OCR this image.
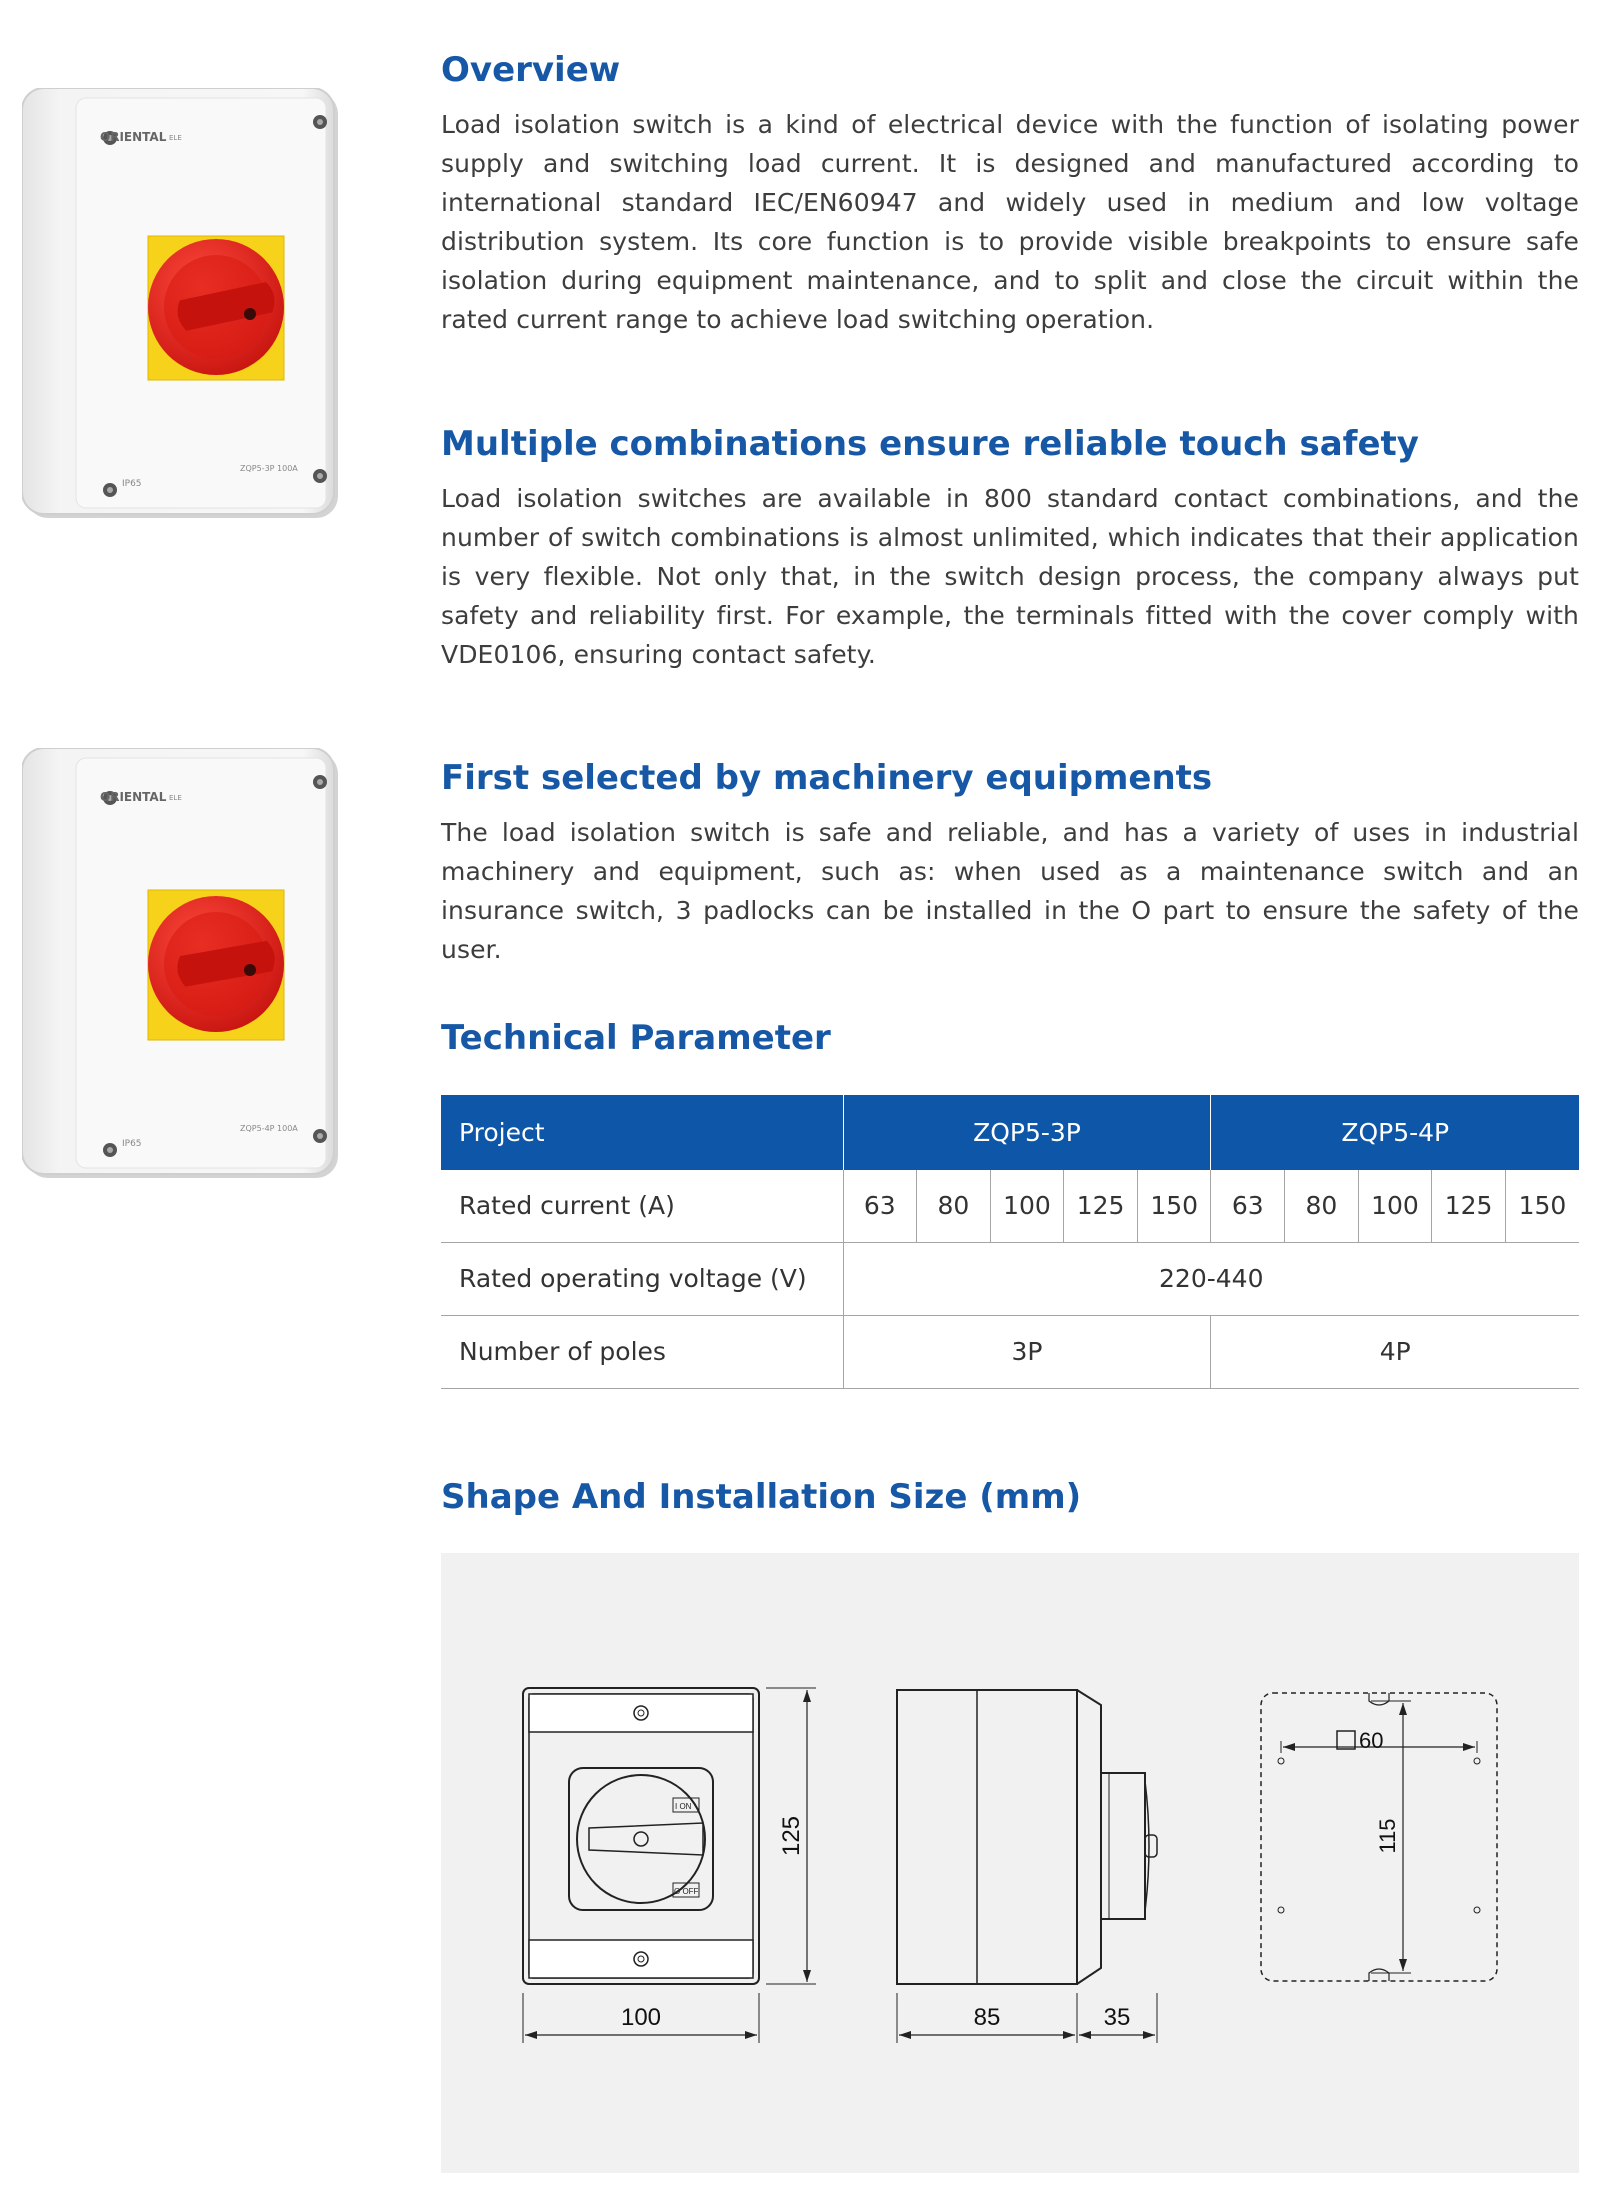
ORIENTAL ELE
IP65
ZQP5-3P 100A
ORIENTAL ELE
IP65
ZQP5-4P 100A
Overview

Load isolation switch is a kind of electrical device with the function of isolating power supply and switching load current. It is designed and manufactured according to international standard IEC/EN60947 and widely used in medium and low voltage distribution system. Its core function is to provide visible breakpoints to ensure safe isolation during equipment maintenance, and to split and close the circuit within the rated current range to achieve load switching operation.

Multiple combinations ensure reliable touch safety

Load isolation switches are available in 800 standard contact combinations, and the number of switch combinations is almost unlimited, which indicates that their application is very flexible. Not only that, in the switch design process, the company always put safety and reliability first. For example, the terminals fitted with the cover comply with VDE0106, ensuring contact safety.

First selected by machinery equipments

The load isolation switch is safe and reliable, and has a variety of uses in industrial machinery and equipment, such as: when used as a maintenance switch and an insurance switch, 3 padlocks can be installed in the O part to ensure the safety of the user.

Technical Parameter
Project	ZQP5-3P					ZQP5-4P				
Rated current (A)	63	80	100	125	150	63	80	100	125	150
Rated operating voltage (V)	220-440									
Number of poles	3P					4P				
Shape And Installation Size (mm)
I ON
O OFF
100
125
85	35
60
115
